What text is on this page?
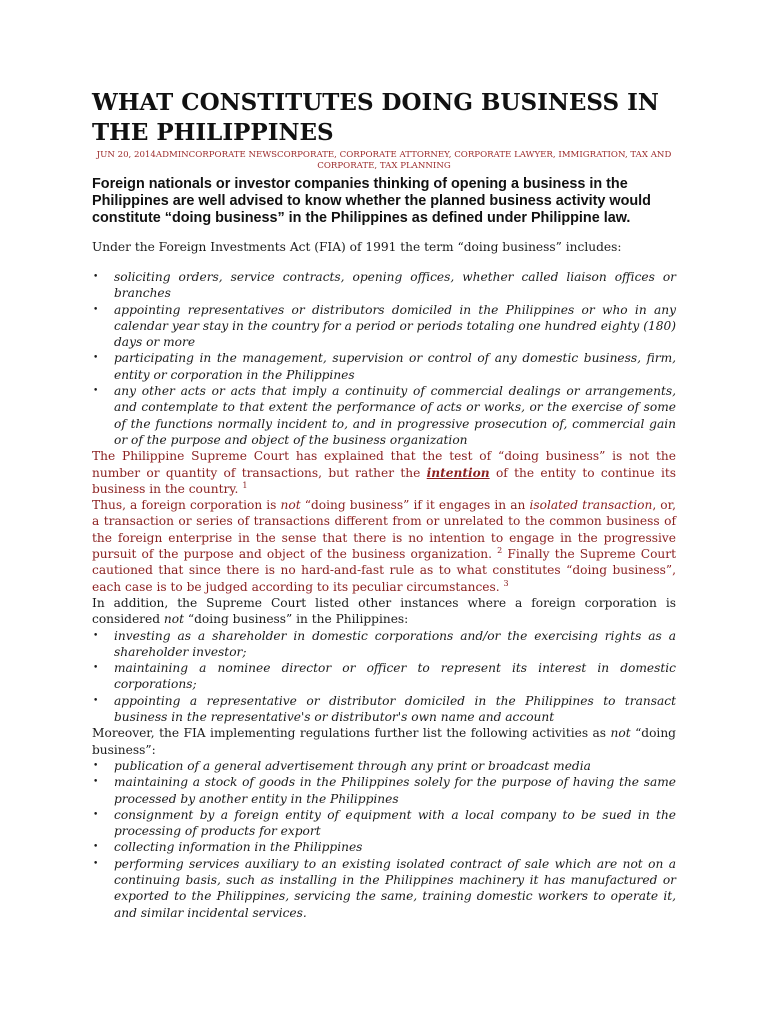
WHAT CONSTITUTES DOING BUSINESS IN THE PHILIPPINES
JUN 20, 2014ADMINCORPORATE NEWSCORPORATE, CORPORATE ATTORNEY, CORPORATE LAWYER, IMMIGRATION, TAX AND CORPORATE, TAX PLANNING

Foreign nationals or investor companies thinking of opening a business in the Philippines are well advised to know whether the planned business activity would constitute “doing business” in the Philippines as defined under Philippine law.

Under the Foreign Investments Act (FIA) of 1991 the term “doing business” includes:

• soliciting orders, service contracts, opening offices, whether called liaison offices or branches
• appointing representatives or distributors domiciled in the Philippines or who in any calendar year stay in the country for a period or periods totaling one hundred eighty (180) days or more
• participating in the management, supervision or control of any domestic business, firm, entity or corporation in the Philippines
• any other acts or acts that imply a continuity of commercial dealings or arrangements, and contemplate to that extent the performance of acts or works, or the exercise of some of the functions normally incident to, and in progressive prosecution of, commercial gain or of the purpose and object of the business organization

The Philippine Supreme Court has explained that the test of “doing business” is not the number or quantity of transactions, but rather the intention of the entity to continue its business in the country. $^1$

Thus, a foreign corporation is not “doing business” if it engages in an isolated transaction, or, a transaction or series of transactions different from or unrelated to the common business of the foreign enterprise in the sense that there is no intention to engage in the progressive pursuit of the purpose and object of the business organization. $^2$ Finally the Supreme Court cautioned that since there is no hard-and-fast rule as to what constitutes “doing business”, each case is to be judged according to its peculiar circumstances. $^3$

In addition, the Supreme Court listed other instances where a foreign corporation is considered not “doing business” in the Philippines:

• investing as a shareholder in domestic corporations and/or the exercising rights as a shareholder investor;
• maintaining a nominee director or officer to represent its interest in domestic corporations;
• appointing a representative or distributor domiciled in the Philippines to transact business in the representative's or distributor's own name and account

Moreover, the FIA implementing regulations further list the following activities as not “doing business”:

• publication of a general advertisement through any print or broadcast media
• maintaining a stock of goods in the Philippines solely for the purpose of having the same processed by another entity in the Philippines
• consignment by a foreign entity of equipment with a local company to be sued in the processing of products for export
• collecting information in the Philippines
• performing services auxiliary to an existing isolated contract of sale which are not on a continuing basis, such as installing in the Philippines machinery it has manufactured or exported to the Philippines, servicing the same, training domestic workers to operate it, and similar incidental services.
